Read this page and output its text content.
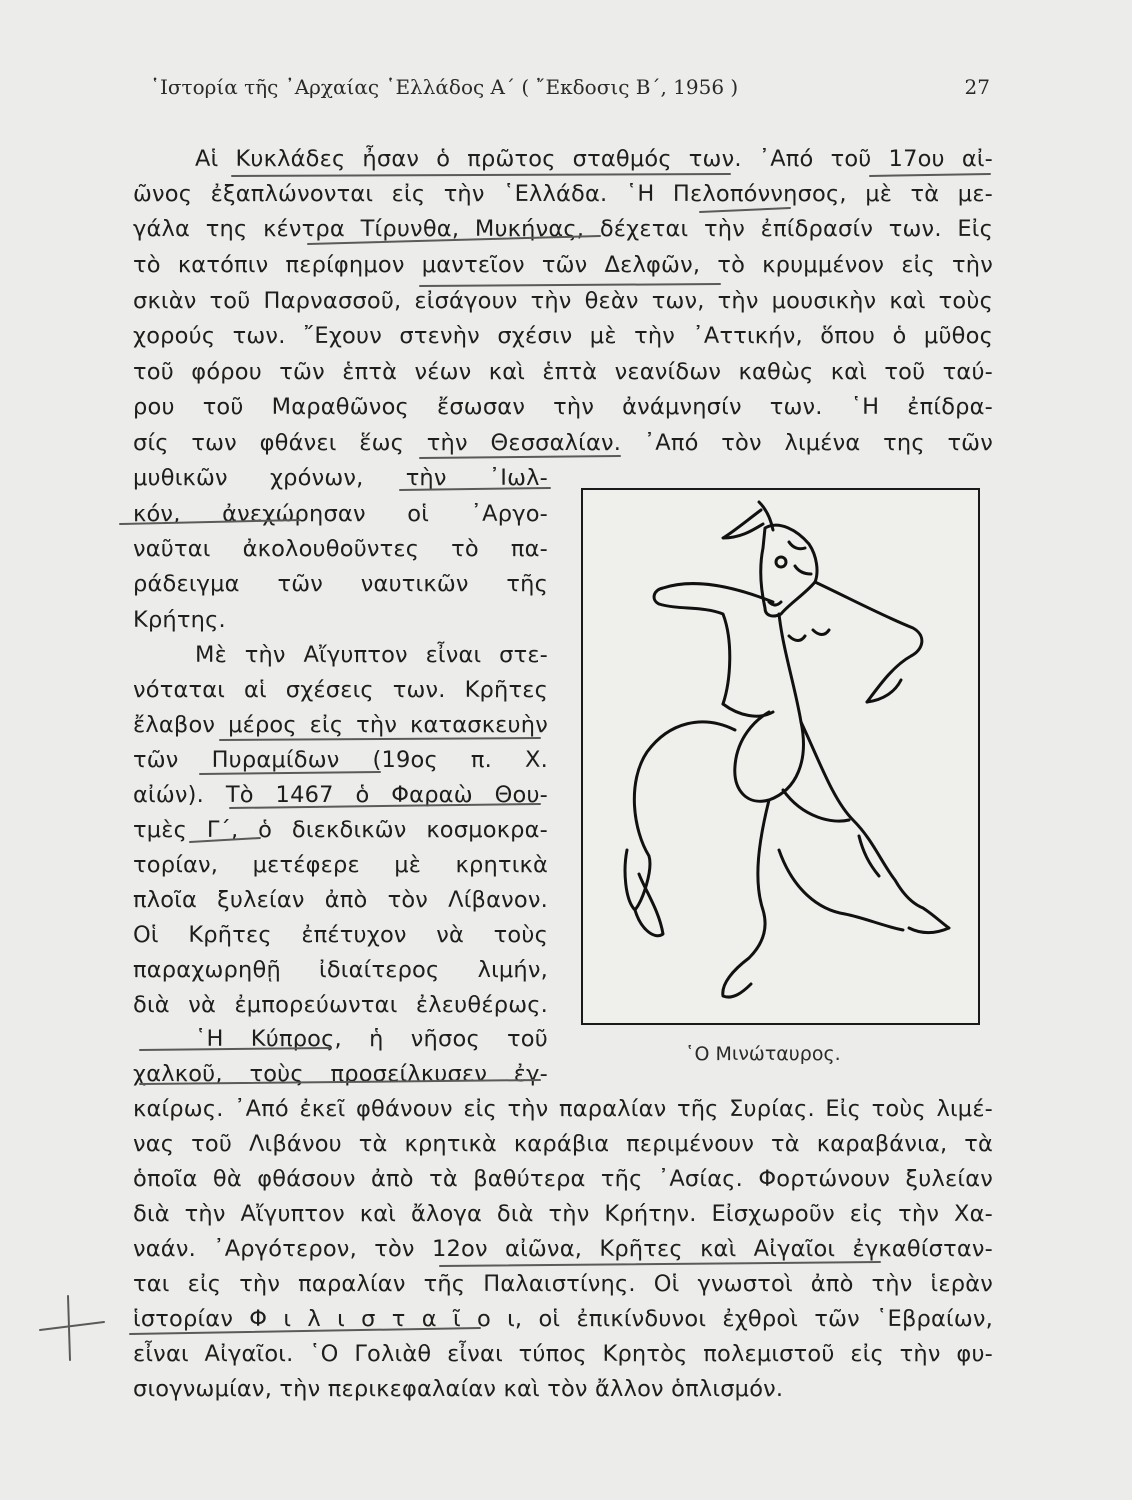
῾Ιστορία τῆς ᾿Αρχαίας ῾Ελλάδος Α΄ ( ῎Εκδοσις Β΄, 1956 )	27
Αἱ Κυκλάδες ἦσαν ὁ πρῶτος σταθμός των. ᾿Από τοῦ 17ου αἰ-
ῶνος ἐξαπλώνονται εἰς τὴν ῾Ελλάδα. ῾Η Πελοπόννησος, μὲ τὰ με-
γάλα της κέντρα Τίρυνθα, Μυκήνας, δέχεται τὴν ἐπίδρασίν των. Εἰς
τὸ κατόπιν περίφημον μαντεῖον τῶν Δελφῶν, τὸ κρυμμένον εἰς τὴν
σκιὰν τοῦ Παρνασσοῦ, εἰσάγουν τὴν θεὰν των, τὴν μουσικὴν καὶ τοὺς
χορούς των. ῎Εχουν στενὴν σχέσιν μὲ τὴν ᾿Αττικήν, ὅπου ὁ μῦθος
τοῦ φόρου τῶν ἑπτὰ νέων καὶ ἑπτὰ νεανίδων καθὼς καὶ τοῦ ταύ-
ρου τοῦ Μαραθῶνος ἔσωσαν τὴν ἀνάμνησίν των. ῾Η ἐπίδρα-
σίς των φθάνει ἕως τὴν Θεσσαλίαν. ᾿Από τὸν λιμένα της τῶν
μυθικῶν χρόνων, τὴν ᾿Ιωλ-
κόν, ἀνεχώρησαν οἱ ᾿Αργο-
ναῦται ἀκολουθοῦντες τὸ πα-
ράδειγμα τῶν ναυτικῶν τῆς
Κρήτης.
Μὲ τὴν Αἴγυπτον εἶναι στε-
νόταται αἱ σχέσεις των. Κρῆτες
ἔλαβον μέρος εἰς τὴν κατασκευὴν
τῶν Πυραμίδων (19ος π. Χ.
αἰών). Τὸ 1467 ὁ Φαραὼ Θου-
τμὲς Γ΄, ὁ διεκδικῶν κοσμοκρα-
τορίαν, μετέφερε μὲ κρητικὰ
πλοῖα ξυλείαν ἀπὸ τὸν Λίβανον.
Οἱ Κρῆτες ἐπέτυχον νὰ τοὺς
παραχωρηθῇ ἰδιαίτερος λιμήν,
διὰ νὰ ἐμπορεύωνται ἐλευθέρως.
῾Η Κύπρος, ἡ νῆσος τοῦ
χαλκοῦ, τοὺς προσείλκυσεν ἐγ-
καίρως. ᾿Από ἐκεῖ φθάνουν εἰς τὴν παραλίαν τῆς Συρίας. Εἰς τοὺς λιμέ-
νας τοῦ Λιβάνου τὰ κρητικὰ καράβια περιμένουν τὰ καραβάνια, τὰ
ὁποῖα θὰ φθάσουν ἀπὸ τὰ βαθύτερα τῆς ᾿Ασίας. Φορτώνουν ξυλείαν
διὰ τὴν Αἴγυπτον καὶ ἄλογα διὰ τὴν Κρήτην. Εἰσχωροῦν εἰς τὴν Χα-
ναάν. ᾿Αργότερον, τὸν 12ον αἰῶνα, Κρῆτες καὶ Αἰγαῖοι ἐγκαθίσταν-
ται εἰς τὴν παραλίαν τῆς Παλαιστίνης. Οἱ γνωστοὶ ἀπὸ τὴν ἱερὰν
ἱστορίαν Φ ι λ ι σ τ α ῖ ο ι, οἱ ἐπικίνδυνοι ἐχθροὶ τῶν ῾Εβραίων,
εἶναι Αἰγαῖοι. ῾Ο Γολιὰθ εἶναι τύπος Κρητὸς πολεμιστοῦ εἰς τὴν φυ-
σιογνωμίαν, τὴν περικεφαλαίαν καὶ τὸν ἄλλον ὁπλισμόν.
῾Ο Μινώταυρος.
